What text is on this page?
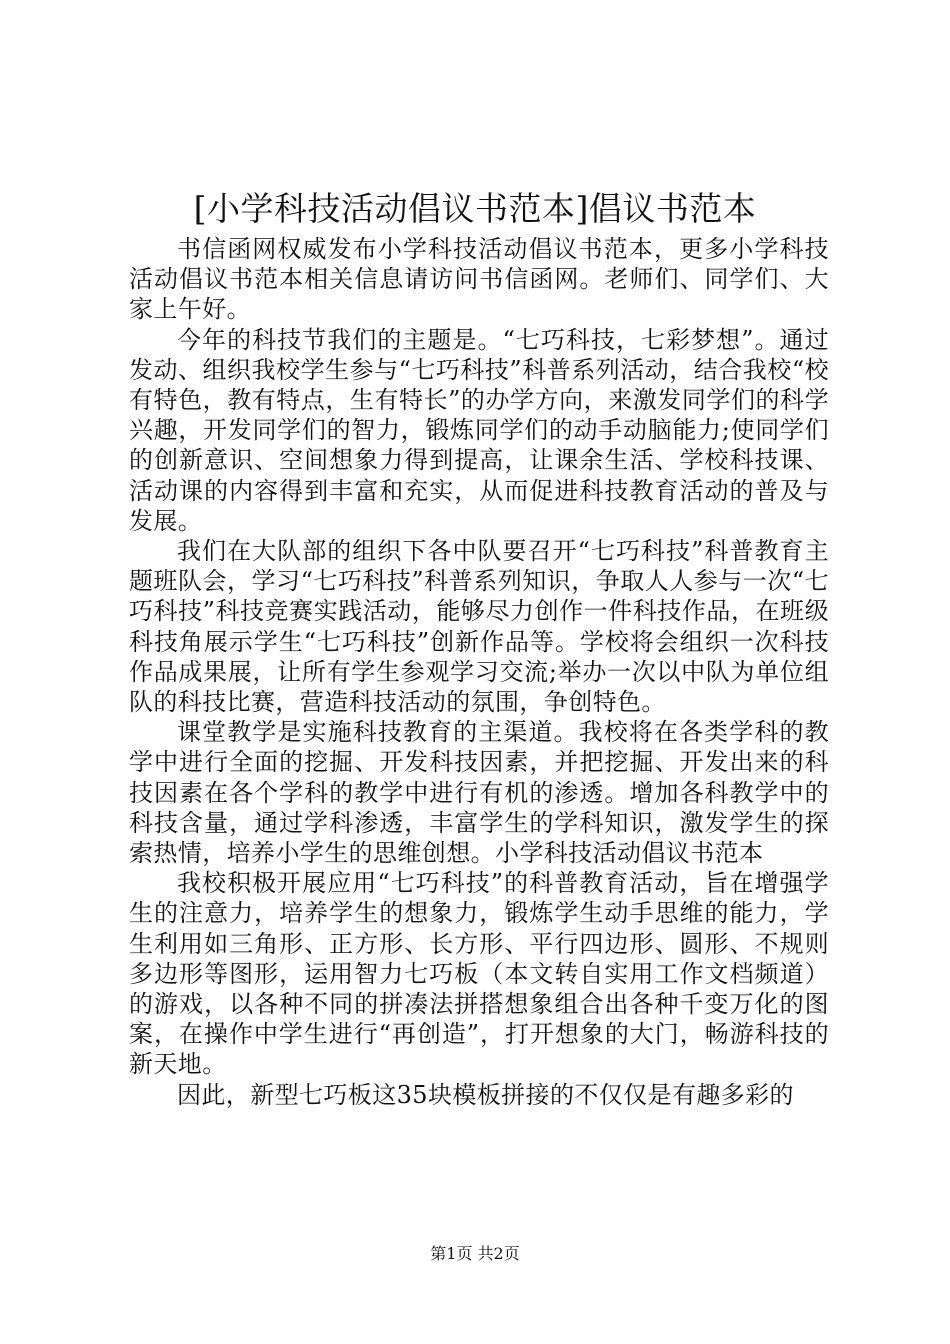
[小学科技活动倡议书范本]倡议书范本

书信函网权威发布小学科技活动倡议书范本，更多小学科技活动倡议书范本相关信息请访问书信函网。老师们、同学们、大家上午好。

今年的科技节我们的主题是。“七巧科技，七彩梦想”。通过发动、组织我校学生参与“七巧科技”科普系列活动，结合我校“校有特色，教有特点，生有特长”的办学方向，来激发同学们的科学兴趣，开发同学们的智力，锻炼同学们的动手动脑能力;使同学们的创新意识、空间想象力得到提高，让课余生活、学校科技课、活动课的内容得到丰富和充实，从而促进科技教育活动的普及与发展。

我们在大队部的组织下各中队要召开“七巧科技”科普教育主题班队会，学习“七巧科技”科普系列知识，争取人人参与一次“七巧科技”科技竞赛实践活动，能够尽力创作一件科技作品，在班级科技角展示学生“七巧科技”创新作品等。学校将会组织一次科技作品成果展，让所有学生参观学习交流;举办一次以中队为单位组队的科技比赛，营造科技活动的氛围，争创特色。

课堂教学是实施科技教育的主渠道。我校将在各类学科的教学中进行全面的挖掘、开发科技因素，并把挖掘、开发出来的科技因素在各个学科的教学中进行有机的渗透。增加各科教学中的科技含量，通过学科渗透，丰富学生的学科知识，激发学生的探索热情，培养小学生的思维创想。小学科技活动倡议书范本

我校积极开展应用“七巧科技”的科普教育活动，旨在增强学生的注意力，培养学生的想象力，锻炼学生动手思维的能力，学生利用如三角形、正方形、长方形、平行四边形、圆形、不规则多边形等图形，运用智力七巧板（本文转自实用工作文档频道）的游戏，以各种不同的拼凑法拼搭想象组合出各种千变万化的图案，在操作中学生进行“再创造”，打开想象的大门，畅游科技的新天地。

因此，新型七巧板这35块模板拼接的不仅仅是有趣多彩的

第1页 共2页
